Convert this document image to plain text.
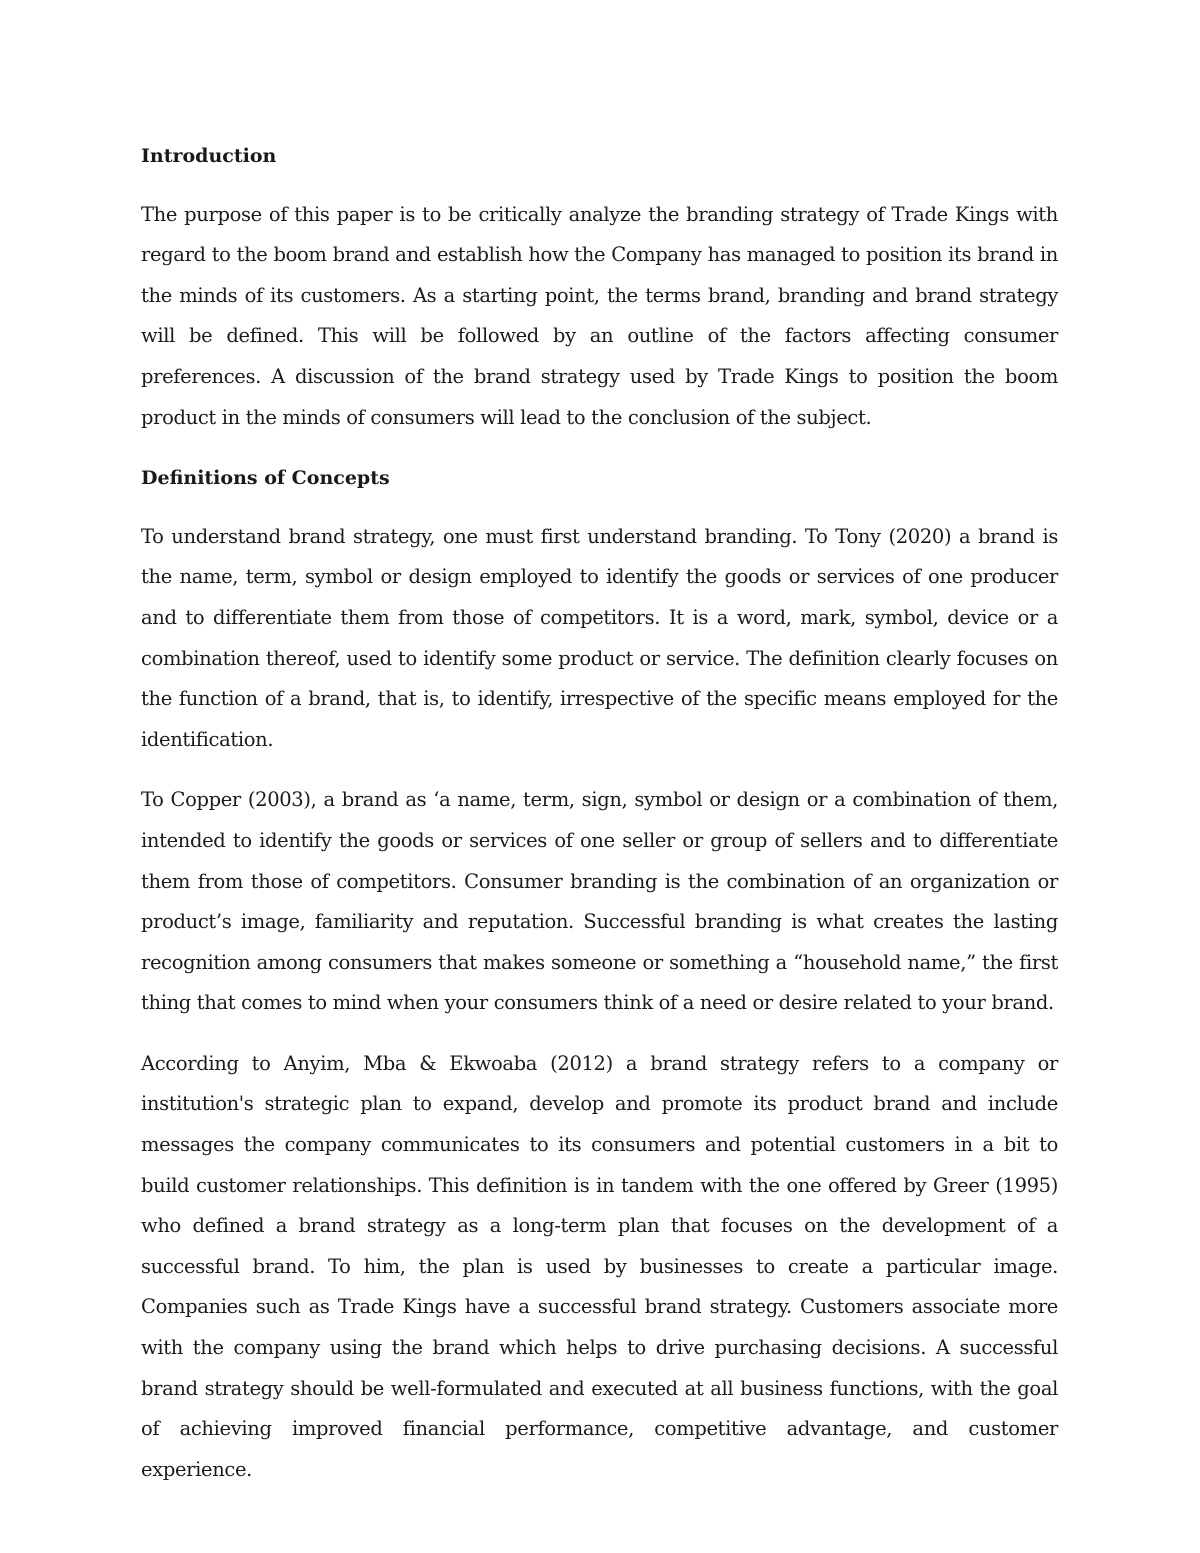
Introduction

The purpose of this paper is to be critically analyze the branding strategy of Trade Kings with regard to the boom brand and establish how the Company has managed to position its brand in the minds of its customers. As a starting point, the terms brand, branding and brand strategy will be defined. This will be followed by an outline of the factors affecting consumer preferences. A discussion of the brand strategy used by Trade Kings to position the boom product in the minds of consumers will lead to the conclusion of the subject.

Definitions of Concepts

To understand brand strategy, one must first understand branding. To Tony (2020) a brand is the name, term, symbol or design employed to identify the goods or services of one producer and to differentiate them from those of competitors. It is a word, mark, symbol, device or a combination thereof, used to identify some product or service. The definition clearly focuses on the function of a brand, that is, to identify, irrespective of the specific means employed for the identification.

To Copper (2003), a brand as ‘a name, term, sign, symbol or design or a combination of them, intended to identify the goods or services of one seller or group of sellers and to differentiate them from those of competitors. Consumer branding is the combination of an organization or product’s image, familiarity and reputation. Successful branding is what creates the lasting recognition among consumers that makes someone or something a “household name,” the first thing that comes to mind when your consumers think of a need or desire related to your brand.

According to Anyim, Mba & Ekwoaba (2012) a brand strategy refers to a company or institution's strategic plan to expand, develop and promote its product brand and include messages the company communicates to its consumers and potential customers in a bit to build customer relationships. This definition is in tandem with the one offered by Greer (1995) who defined a brand strategy as a long-term plan that focuses on the development of a successful brand. To him, the plan is used by businesses to create a particular image. Companies such as Trade Kings have a successful brand strategy. Customers associate more with the company using the brand which helps to drive purchasing decisions. A successful brand strategy should be well-formulated and executed at all business functions, with the goal of achieving improved financial performance, competitive advantage, and customer experience.
